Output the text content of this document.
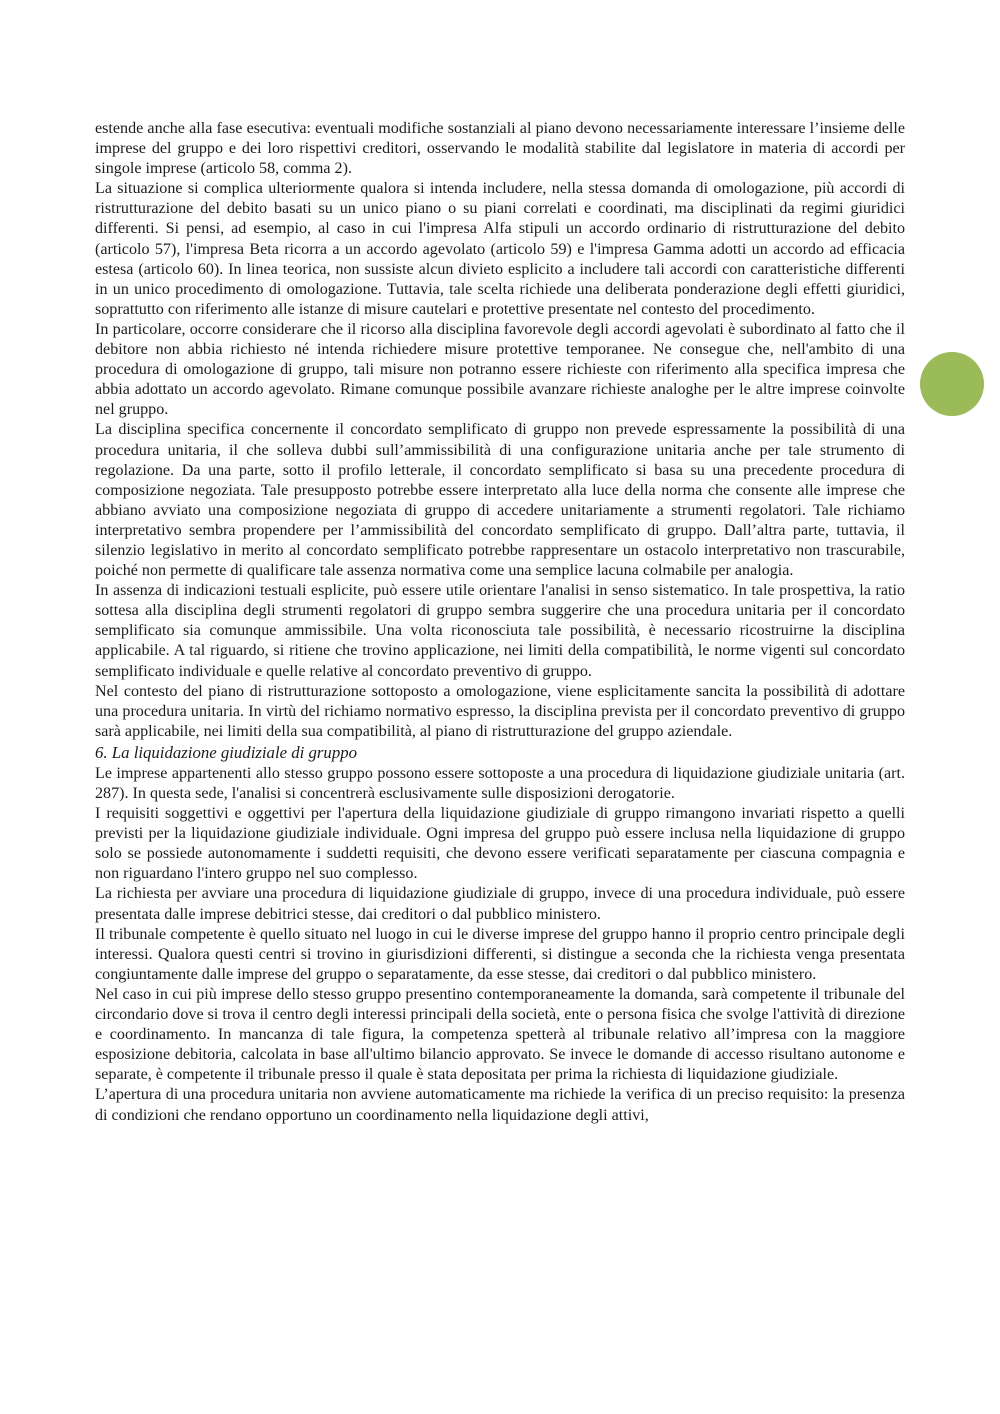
estende anche alla fase esecutiva: eventuali modifiche sostanziali al piano devono necessariamente interessare l’insieme delle imprese del gruppo e dei loro rispettivi creditori, osservando le modalità stabilite dal legislatore in materia di accordi per singole imprese (articolo 58, comma 2).

La situazione si complica ulteriormente qualora si intenda includere, nella stessa domanda di omologazione, più accordi di ristrutturazione del debito basati su un unico piano o su piani correlati e coordinati, ma disciplinati da regimi giuridici differenti. Si pensi, ad esempio, al caso in cui l'impresa Alfa stipuli un accordo ordinario di ristrutturazione del debito (articolo 57), l'impresa Beta ricorra a un accordo agevolato (articolo 59) e l'impresa Gamma adotti un accordo ad efficacia estesa (articolo 60). In linea teorica, non sussiste alcun divieto esplicito a includere tali accordi con caratteristiche differenti in un unico procedimento di omologazione. Tuttavia, tale scelta richiede una deliberata ponderazione degli effetti giuridici, soprattutto con riferimento alle istanze di misure cautelari e protettive presentate nel contesto del procedimento.

In particolare, occorre considerare che il ricorso alla disciplina favorevole degli accordi agevolati è subordinato al fatto che il debitore non abbia richiesto né intenda richiedere misure protettive temporanee. Ne consegue che, nell'ambito di una procedura di omologazione di gruppo, tali misure non potranno essere richieste con riferimento alla specifica impresa che abbia adottato un accordo agevolato. Rimane comunque possibile avanzare richieste analoghe per le altre imprese coinvolte nel gruppo.

La disciplina specifica concernente il concordato semplificato di gruppo non prevede espressamente la possibilità di una procedura unitaria, il che solleva dubbi sull’ammissibilità di una configurazione unitaria anche per tale strumento di regolazione. Da una parte, sotto il profilo letterale, il concordato semplificato si basa su una precedente procedura di composizione negoziata. Tale presupposto potrebbe essere interpretato alla luce della norma che consente alle imprese che abbiano avviato una composizione negoziata di gruppo di accedere unitariamente a strumenti regolatori. Tale richiamo interpretativo sembra propendere per l’ammissibilità del concordato semplificato di gruppo. Dall’altra parte, tuttavia, il silenzio legislativo in merito al concordato semplificato potrebbe rappresentare un ostacolo interpretativo non trascurabile, poiché non permette di qualificare tale assenza normativa come una semplice lacuna colmabile per analogia.

In assenza di indicazioni testuali esplicite, può essere utile orientare l'analisi in senso sistematico. In tale prospettiva, la ratio sottesa alla disciplina degli strumenti regolatori di gruppo sembra suggerire che una procedura unitaria per il concordato semplificato sia comunque ammissibile. Una volta riconosciuta tale possibilità, è necessario ricostruirne la disciplina applicabile. A tal riguardo, si ritiene che trovino applicazione, nei limiti della compatibilità, le norme vigenti sul concordato semplificato individuale e quelle relative al concordato preventivo di gruppo.

Nel contesto del piano di ristrutturazione sottoposto a omologazione, viene esplicitamente sancita la possibilità di adottare una procedura unitaria. In virtù del richiamo normativo espresso, la disciplina prevista per il concordato preventivo di gruppo sarà applicabile, nei limiti della sua compatibilità, al piano di ristrutturazione del gruppo aziendale.

6. La liquidazione giudiziale di gruppo

Le imprese appartenenti allo stesso gruppo possono essere sottoposte a una procedura di liquidazione giudiziale unitaria (art. 287). In questa sede, l'analisi si concentrerà esclusivamente sulle disposizioni derogatorie.

I requisiti soggettivi e oggettivi per l'apertura della liquidazione giudiziale di gruppo rimangono invariati rispetto a quelli previsti per la liquidazione giudiziale individuale. Ogni impresa del gruppo può essere inclusa nella liquidazione di gruppo solo se possiede autonomamente i suddetti requisiti, che devono essere verificati separatamente per ciascuna compagnia e non riguardano l'intero gruppo nel suo complesso.

La richiesta per avviare una procedura di liquidazione giudiziale di gruppo, invece di una procedura individuale, può essere presentata dalle imprese debitrici stesse, dai creditori o dal pubblico ministero.

Il tribunale competente è quello situato nel luogo in cui le diverse imprese del gruppo hanno il proprio centro principale degli interessi. Qualora questi centri si trovino in giurisdizioni differenti, si distingue a seconda che la richiesta venga presentata congiuntamente dalle imprese del gruppo o separatamente, da esse stesse, dai creditori o dal pubblico ministero.

Nel caso in cui più imprese dello stesso gruppo presentino contemporaneamente la domanda, sarà competente il tribunale del circondario dove si trova il centro degli interessi principali della società, ente o persona fisica che svolge l'attività di direzione e coordinamento. In mancanza di tale figura, la competenza spetterà al tribunale relativo all’impresa con la maggiore esposizione debitoria, calcolata in base all'ultimo bilancio approvato. Se invece le domande di accesso risultano autonome e separate, è competente il tribunale presso il quale è stata depositata per prima la richiesta di liquidazione giudiziale.

L’apertura di una procedura unitaria non avviene automaticamente ma richiede la verifica di un preciso requisito: la presenza di condizioni che rendano opportuno un coordinamento nella liquidazione degli attivi,
